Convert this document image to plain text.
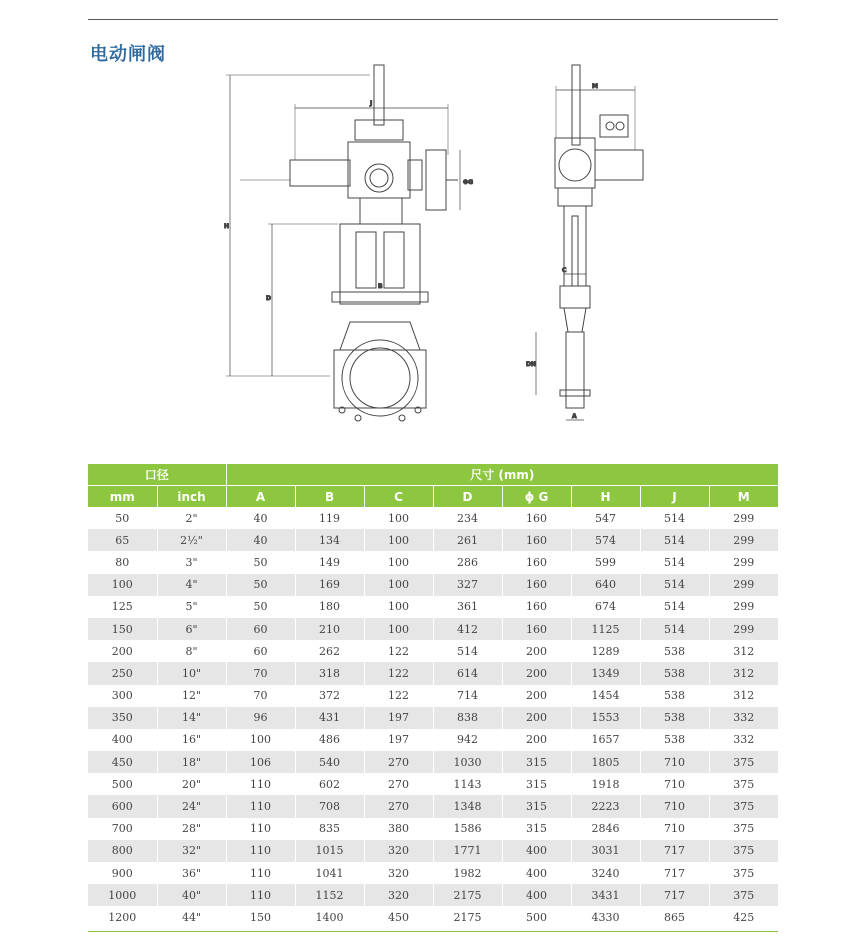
电动闸阀
H
D
B
J
ΦG
M
C
DN
A
口径		尺寸 (mm)							
mm	inch	A	B	C	D	ϕ G	H	J	M
50	2"	40	119	100	234	160	547	514	299
65	2½"	40	134	100	261	160	574	514	299
80	3"	50	149	100	286	160	599	514	299
100	4"	50	169	100	327	160	640	514	299
125	5"	50	180	100	361	160	674	514	299
150	6"	60	210	100	412	160	1125	514	299
200	8"	60	262	122	514	200	1289	538	312
250	10"	70	318	122	614	200	1349	538	312
300	12"	70	372	122	714	200	1454	538	312
350	14"	96	431	197	838	200	1553	538	332
400	16"	100	486	197	942	200	1657	538	332
450	18"	106	540	270	1030	315	1805	710	375
500	20"	110	602	270	1143	315	1918	710	375
600	24"	110	708	270	1348	315	2223	710	375
700	28"	110	835	380	1586	315	2846	710	375
800	32"	110	1015	320	1771	400	3031	717	375
900	36"	110	1041	320	1982	400	3240	717	375
1000	40"	110	1152	320	2175	400	3431	717	375
1200	44"	150	1400	450	2175	500	4330	865	425
